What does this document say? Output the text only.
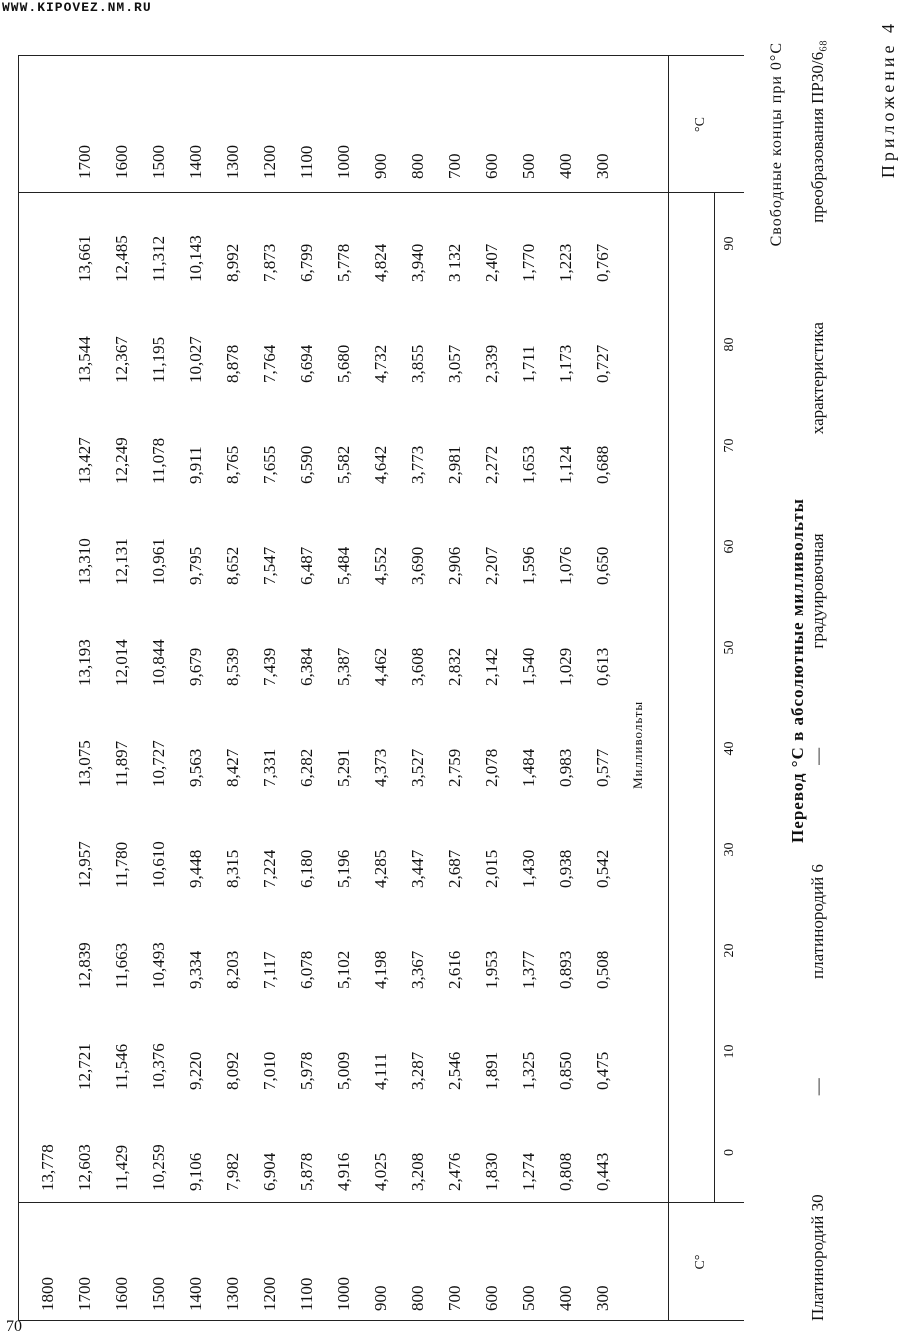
WWW.KIPOVEZ.NM.RU
70
Приложение 4
Перевод °С в абсолютные милливольты
Платинородий 30
—
платинородий 6
—
градуировочная
характеристика
преобразования ПР30/6₆₈
Свободные концы при 0°С
С°
°С
Милливольты
0
10
20
30
40
50
60
70
80
90
300
0,443
0,475
0,508
0,542
0,577
0,613
0,650
0,688
0,727
0,767
300
400
0,808
0,850
0,893
0,938
0,983
1,029
1,076
1,124
1,173
1,223
400
500
1,274
1,325
1,377
1,430
1,484
1,540
1,596
1,653
1,711
1,770
500
600
1,830
1,891
1,953
2,015
2,078
2,142
2,207
2,272
2,339
2,407
600
700
2,476
2,546
2,616
2,687
2,759
2,832
2,906
2,981
3,057
3 132
700
800
3,208
3,287
3,367
3,447
3,527
3,608
3,690
3,773
3,855
3,940
800
900
4,025
4,111
4,198
4,285
4,373
4,462
4,552
4,642
4,732
4,824
900
1000
4,916
5,009
5,102
5,196
5,291
5,387
5,484
5,582
5,680
5,778
1000
1100
5,878
5,978
6,078
6,180
6,282
6,384
6,487
6,590
6,694
6,799
1100
1200
6,904
7,010
7,117
7,224
7,331
7,439
7,547
7,655
7,764
7,873
1200
1300
7,982
8,092
8,203
8,315
8,427
8,539
8,652
8,765
8,878
8,992
1300
1400
9,106
9,220
9,334
9,448
9,563
9,679
9,795
9,911
10,027
10,143
1400
1500
10,259
10,376
10,493
10,610
10,727
10,844
10,961
11,078
11,195
11,312
1500
1600
11,429
11,546
11,663
11,780
11,897
12,014
12,131
12,249
12,367
12,485
1600
1700
12,603
12,721
12,839
12,957
13,075
13,193
13,310
13,427
13,544
13,661
1700
1800
13,778
